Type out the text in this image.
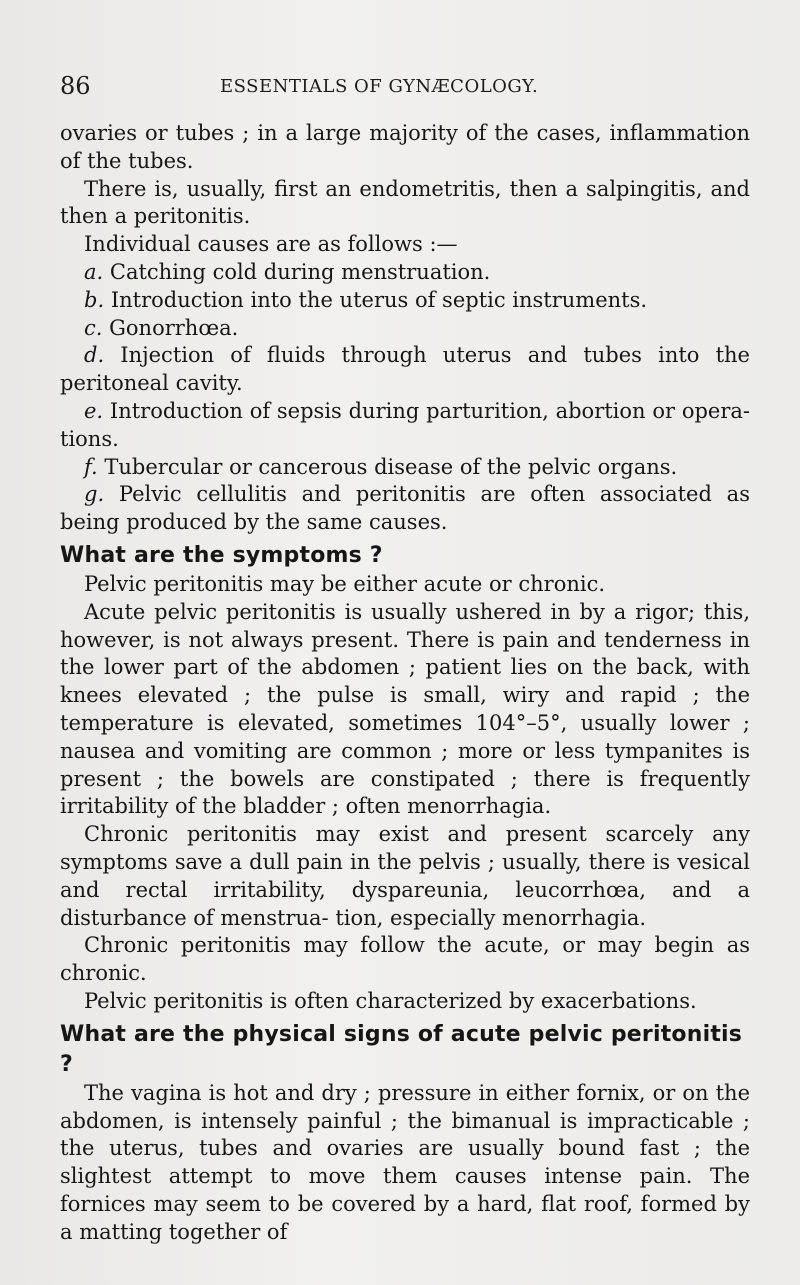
86	ESSENTIALS OF GYNÆCOLOGY.

ovaries or tubes ; in a large majority of the cases, inflammation of the tubes.

There is, usually, first an endometritis, then a salpingitis, and then a peritonitis.

Individual causes are as follows :—

a. Catching cold during menstruation.

b. Introduction into the uterus of septic instruments.

c. Gonorrhœa.

d. Injection of fluids through uterus and tubes into the peritoneal cavity.

e. Introduction of sepsis during parturition, abortion or opera- tions.

f. Tubercular or cancerous disease of the pelvic organs.

g. Pelvic cellulitis and peritonitis are often associated as being produced by the same causes.

What are the symptoms ?

Pelvic peritonitis may be either acute or chronic.

Acute pelvic peritonitis is usually ushered in by a rigor; this, however, is not always present. There is pain and tenderness in the lower part of the abdomen ; patient lies on the back, with knees elevated ; the pulse is small, wiry and rapid ; the temperature is elevated, sometimes 104°–5°, usually lower ; nausea and vomiting are common ; more or less tympanites is present ; the bowels are constipated ; there is frequently irritability of the bladder ; often menorrhagia.

Chronic peritonitis may exist and present scarcely any symptoms save a dull pain in the pelvis ; usually, there is vesical and rectal irritability, dyspareunia, leucorrhœa, and a disturbance of menstrua- tion, especially menorrhagia.

Chronic peritonitis may follow the acute, or may begin as chronic.

Pelvic peritonitis is often characterized by exacerbations.

What are the physical signs of acute pelvic peritonitis ?

The vagina is hot and dry ; pressure in either fornix, or on the abdomen, is intensely painful ; the bimanual is impracticable ; the uterus, tubes and ovaries are usually bound fast ; the slightest attempt to move them causes intense pain. The fornices may seem to be covered by a hard, flat roof, formed by a matting together of
